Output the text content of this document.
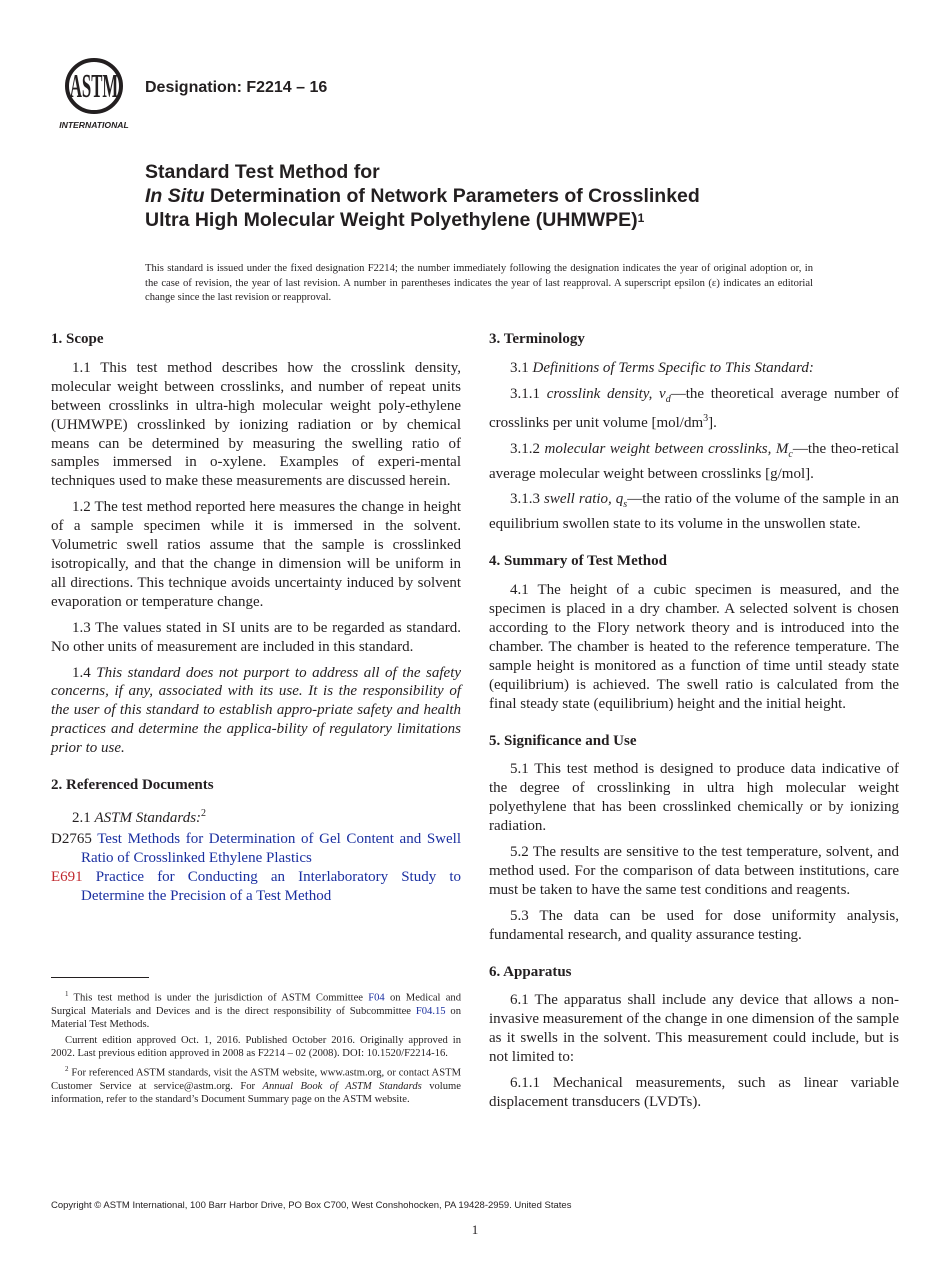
ASTM
INTERNATIONAL
Designation: F2214 – 16
Standard Test Method for
In Situ Determination of Network Parameters of Crosslinked
Ultra High Molecular Weight Polyethylene (UHMWPE)$^1$
This standard is issued under the fixed designation F2214; the number immediately following the designation indicates the year of original adoption or, in the case of revision, the year of last revision. A number in parentheses indicates the year of last reapproval. A superscript epsilon (ε) indicates an editorial change since the last revision or reapproval.
1. Scope

1.1 This test method describes how the crosslink density, molecular weight between crosslinks, and number of repeat units between crosslinks in ultra-high molecular weight poly-ethylene (UHMWPE) crosslinked by ionizing radiation or by chemical means can be determined by measuring the swelling ratio of samples immersed in o-xylene. Examples of experi-mental techniques used to make these measurements are discussed herein.

1.2 The test method reported here measures the change in height of a sample specimen while it is immersed in the solvent. Volumetric swell ratios assume that the sample is crosslinked isotropically, and that the change in dimension will be uniform in all directions. This technique avoids uncertainty induced by solvent evaporation or temperature change.

1.3 The values stated in SI units are to be regarded as standard. No other units of measurement are included in this standard.

1.4 This standard does not purport to address all of the safety concerns, if any, associated with its use. It is the responsibility of the user of this standard to establish appro-priate safety and health practices and determine the applica-bility of regulatory limitations prior to use.

2. Referenced Documents

2.1 ASTM Standards:$^2$

D2765 Test Methods for Determination of Gel Content and Swell Ratio of Crosslinked Ethylene Plastics

E691 Practice for Conducting an Interlaboratory Study to Determine the Precision of a Test Method

3. Terminology

3.1 Definitions of Terms Specific to This Standard:

3.1.1 crosslink density, $v_d—the$ theoretical average number of crosslinks per unit volume $[mol/dm^3]$.

3.1.2 molecular weight between crosslinks, $M_c—the$ theo-retical average molecular weight between crosslinks [g/mol].

3.1.3 swell ratio, $q_s—the$ ratio of the volume of the sample in an equilibrium swollen state to its volume in the unswollen state.

4. Summary of Test Method

4.1 The height of a cubic specimen is measured, and the specimen is placed in a dry chamber. A selected solvent is chosen according to the Flory network theory and is introduced into the chamber. The chamber is heated to the reference temperature. The sample height is monitored as a function of time until steady state (equilibrium) is achieved. The swell ratio is calculated from the final steady state (equilibrium) height and the initial height.

5. Significance and Use

5.1 This test method is designed to produce data indicative of the degree of crosslinking in ultra high molecular weight polyethylene that has been crosslinked chemically or by ionizing radiation.

5.2 The results are sensitive to the test temperature, solvent, and method used. For the comparison of data between institutions, care must be taken to have the same test conditions and reagents.

5.3 The data can be used for dose uniformity analysis, fundamental research, and quality assurance testing.

6. Apparatus

6.1 The apparatus shall include any device that allows a non-invasive measurement of the change in one dimension of the sample as it swells in the solvent. This measurement could include, but is not limited to:

6.1.1 Mechanical measurements, such as linear variable displacement transducers (LVDTs).

$^1$ This test method is under the jurisdiction of ASTM Committee F04 on Medical and Surgical Materials and Devices and is the direct responsibility of Subcommittee F04.15 on Material Test Methods.

Current edition approved Oct. 1, 2016. Published October 2016. Originally approved in 2002. Last previous edition approved in 2008 as F2214 – 02 (2008). DOI: 10.1520/F2214-16.

$^2$ For referenced ASTM standards, visit the ASTM website, www.astm.org, or contact ASTM Customer Service at service@astm.org. For Annual Book of ASTM Standards volume information, refer to the standard’s Document Summary page on the ASTM website.

Copyright © ASTM International, 100 Barr Harbor Drive, PO Box C700, West Conshohocken, PA 19428-2959. United States
1
